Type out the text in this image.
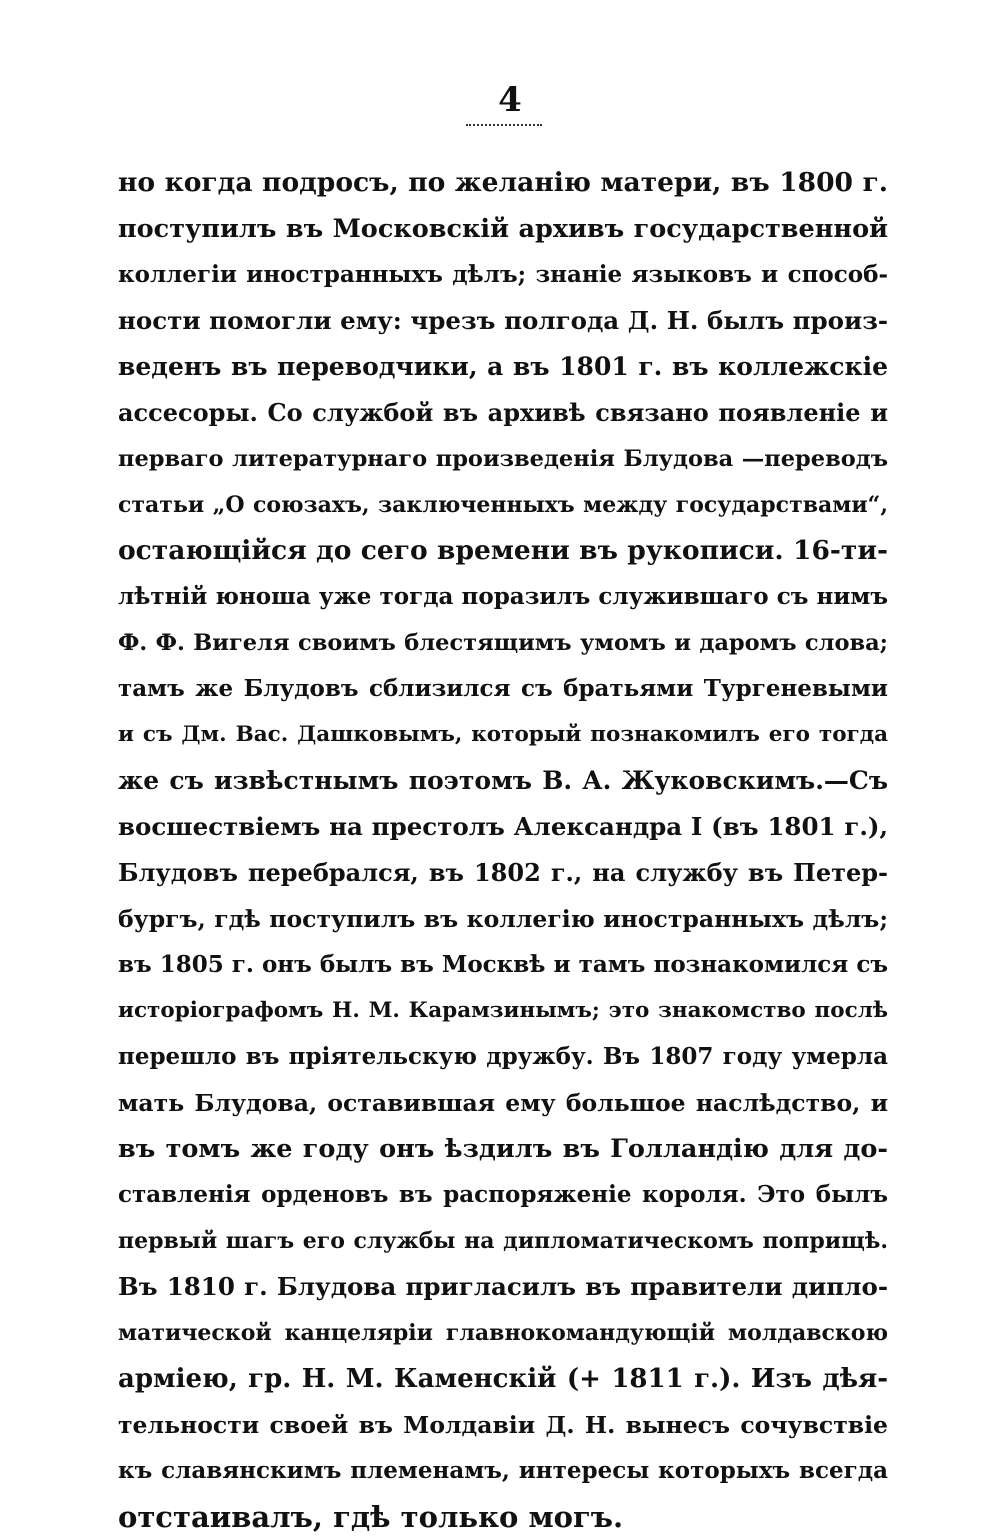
4
но когда подросъ, по желанію матери, въ 1800 г.
поступилъ въ Московскій архивъ государственной
коллегіи иностранныхъ дѣлъ; знаніе языковъ и способ-
ности помогли ему: чрезъ полгода Д. Н. былъ произ-
веденъ въ переводчики, а въ 1801 г. въ коллежскіе
ассесоры. Со службой въ архивѣ связано появленіе и
перваго литературнаго произведенія Блудова —переводъ
статьи „О союзахъ, заключенныхъ между государствами“,
остающійся до сего времени въ рукописи. 16-ти-
лѣтній юноша уже тогда поразилъ служившаго съ нимъ
Ф. Ф. Вигеля своимъ блестящимъ умомъ и даромъ слова;
тамъ же Блудовъ сблизился съ братьями Тургеневыми
и съ Дм. Вас. Дашковымъ, который познакомилъ его тогда
же съ извѣстнымъ поэтомъ В. А. Жуковскимъ.—Съ
восшествіемъ на престолъ Александра I (въ 1801 г.),
Блудовъ перебрался, въ 1802 г., на службу въ Петер-
бургъ, гдѣ поступилъ въ коллегію иностранныхъ дѣлъ;
въ 1805 г. онъ былъ въ Москвѣ и тамъ познакомился съ
исторіографомъ Н. М. Карамзинымъ; это знакомство послѣ
перешло въ пріятельскую дружбу. Въ 1807 году умерла
мать Блудова, оставившая ему большое наслѣдство, и
въ томъ же году онъ ѣздилъ въ Голландію для до-
ставленія орденовъ въ распоряженіе короля. Это былъ
первый шагъ его службы на дипломатическомъ поприщѣ.
Въ 1810 г. Блудова пригласилъ въ правители дипло-
матической канцеляріи главнокомандующій молдавскою
арміею, гр. Н. М. Каменскій (+ 1811 г.). Изъ дѣя-
тельности своей въ Молдавіи Д. Н. вынесъ сочувствіе
къ славянскимъ племенамъ, интересы которыхъ всегда
отстаивалъ, гдѣ только могъ.
